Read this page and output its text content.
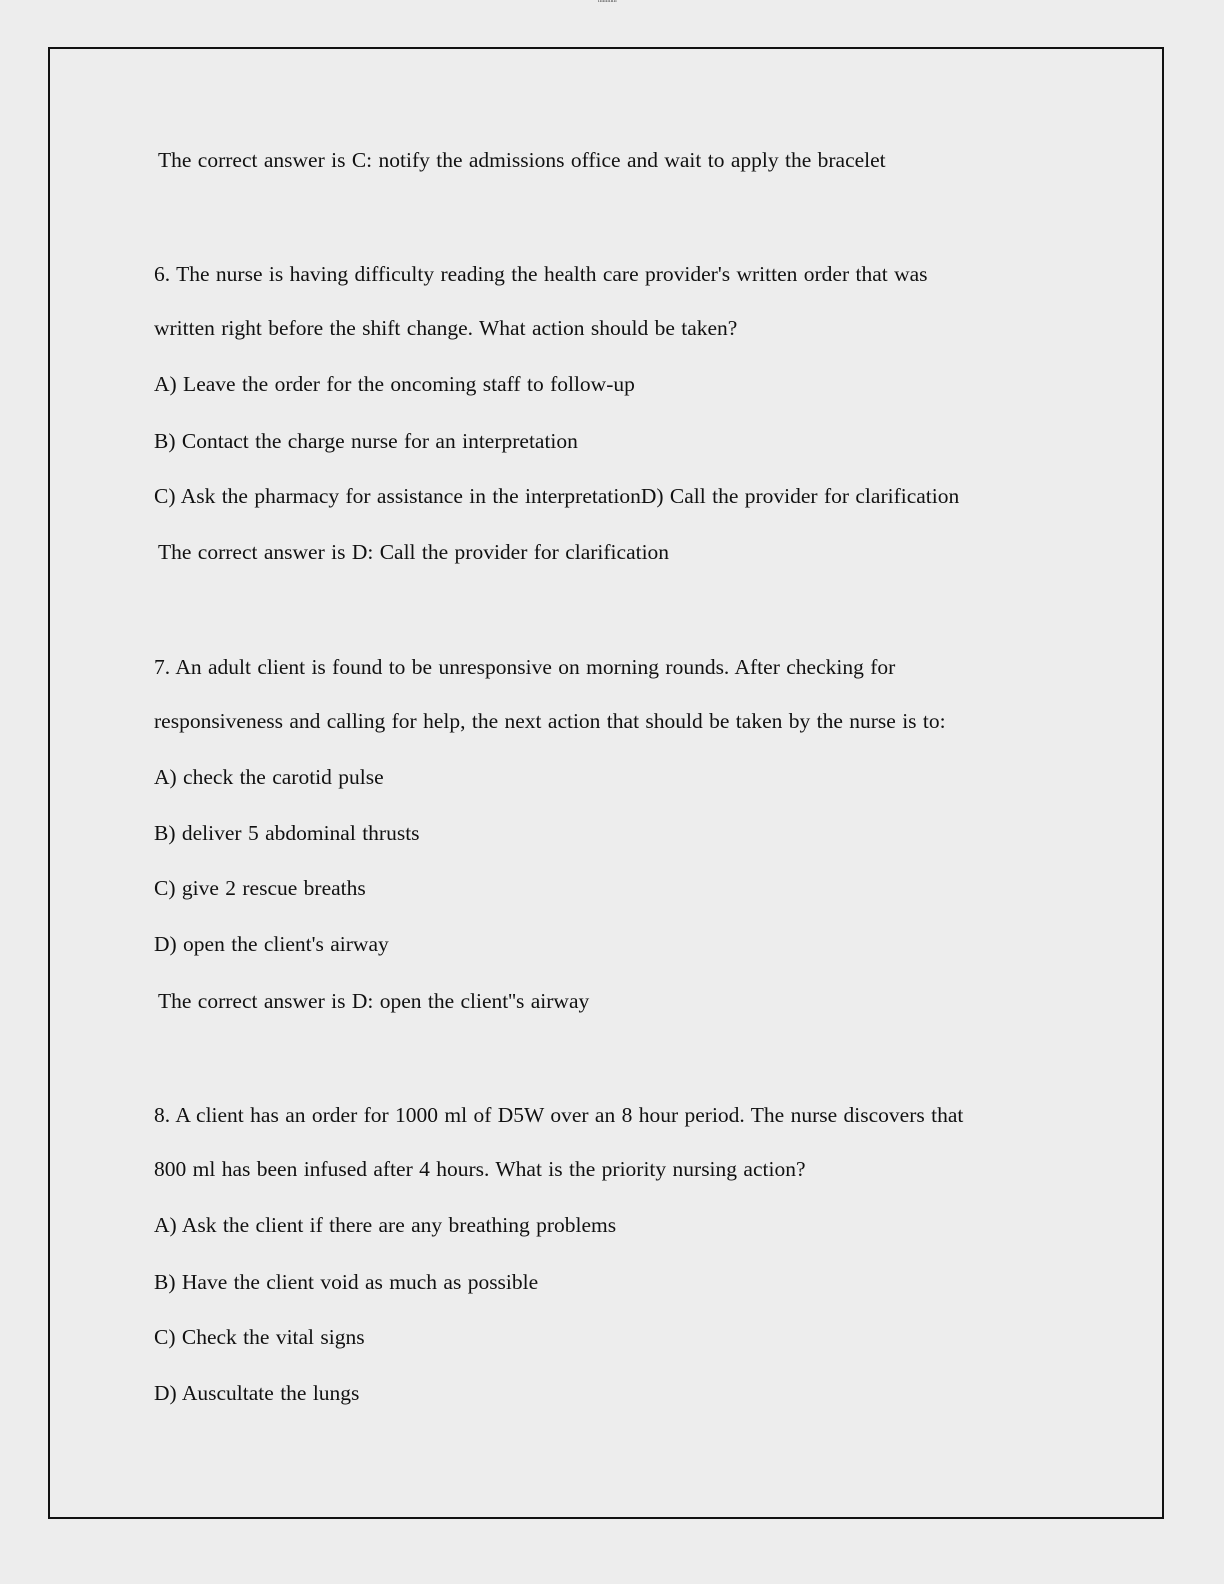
mmmm
The correct answer is C: notify the admissions office and wait to apply the bracelet
6. The nurse is having difficulty reading the health care provider's written order that was
written right before the shift change. What action should be taken?
A) Leave the order for the oncoming staff to follow-up
B) Contact the charge nurse for an interpretation
C) Ask the pharmacy for assistance in the interpretationD) Call the provider for clarification
The correct answer is D: Call the provider for clarification
7. An adult client is found to be unresponsive on morning rounds. After checking for
responsiveness and calling for help, the next action that should be taken by the nurse is to:
A) check the carotid pulse
B) deliver 5 abdominal thrusts
C) give 2 rescue breaths
D) open the client's airway
The correct answer is D: open the client''s airway
8. A client has an order for 1000 ml of D5W over an 8 hour period. The nurse discovers that
800 ml has been infused after 4 hours. What is the priority nursing action?
A) Ask the client if there are any breathing problems
B) Have the client void as much as possible
C) Check the vital signs
D) Auscultate the lungs
